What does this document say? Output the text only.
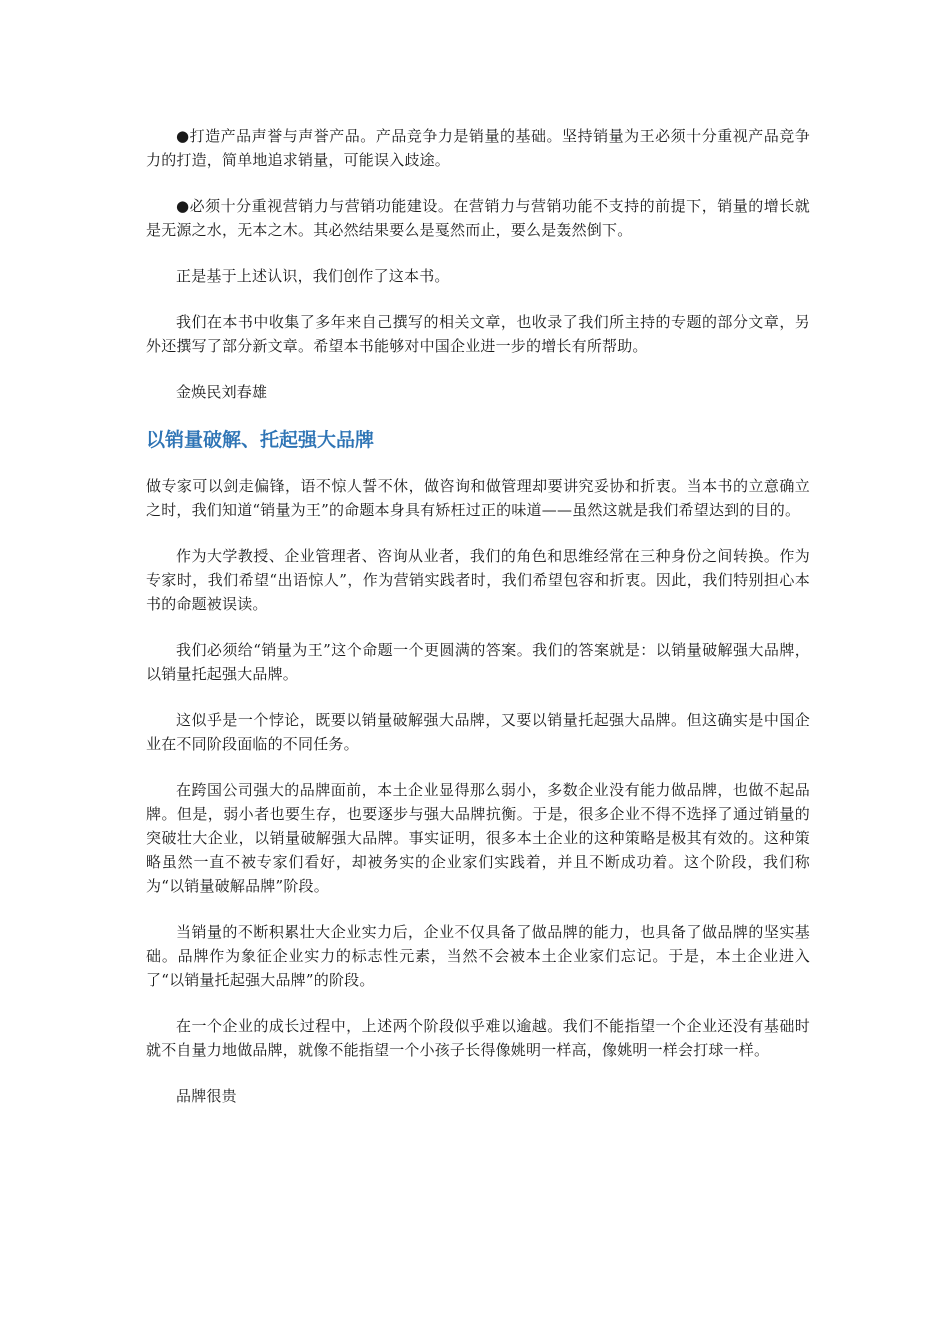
●打造产品声誉与声誉产品。产品竞争力是销量的基础。坚持销量为王必须十分重视产品竞争力的打造，简单地追求销量，可能误入歧途。

●必须十分重视营销力与营销功能建设。在营销力与营销功能不支持的前提下，销量的增长就是无源之水，无本之木。其必然结果要么是戛然而止，要么是轰然倒下。

正是基于上述认识，我们创作了这本书。

我们在本书中收集了多年来自己撰写的相关文章，也收录了我们所主持的专题的部分文章，另外还撰写了部分新文章。希望本书能够对中国企业进一步的增长有所帮助。

金焕民刘春雄

以销量破解、托起强大品牌

做专家可以剑走偏锋，语不惊人誓不休，做咨询和做管理却要讲究妥协和折衷。当本书的立意确立之时，我们知道“销量为王”的命题本身具有矫枉过正的味道——虽然这就是我们希望达到的目的。

作为大学教授、企业管理者、咨询从业者，我们的角色和思维经常在三种身份之间转换。作为专家时，我们希望“出语惊人”，作为营销实践者时，我们希望包容和折衷。因此，我们特别担心本书的命题被误读。

我们必须给“销量为王”这个命题一个更圆满的答案。我们的答案就是：以销量破解强大品牌，以销量托起强大品牌。

这似乎是一个悖论，既要以销量破解强大品牌，又要以销量托起强大品牌。但这确实是中国企业在不同阶段面临的不同任务。

在跨国公司强大的品牌面前，本土企业显得那么弱小，多数企业没有能力做品牌，也做不起品牌。但是，弱小者也要生存，也要逐步与强大品牌抗衡。于是，很多企业不得不选择了通过销量的突破壮大企业，以销量破解强大品牌。事实证明，很多本土企业的这种策略是极其有效的。这种策略虽然一直不被专家们看好，却被务实的企业家们实践着，并且不断成功着。这个阶段，我们称为“以销量破解品牌”阶段。

当销量的不断积累壮大企业实力后，企业不仅具备了做品牌的能力，也具备了做品牌的坚实基础。品牌作为象征企业实力的标志性元素，当然不会被本土企业家们忘记。于是，本土企业进入了“以销量托起强大品牌”的阶段。

在一个企业的成长过程中，上述两个阶段似乎难以逾越。我们不能指望一个企业还没有基础时就不自量力地做品牌，就像不能指望一个小孩子长得像姚明一样高，像姚明一样会打球一样。

品牌很贵
